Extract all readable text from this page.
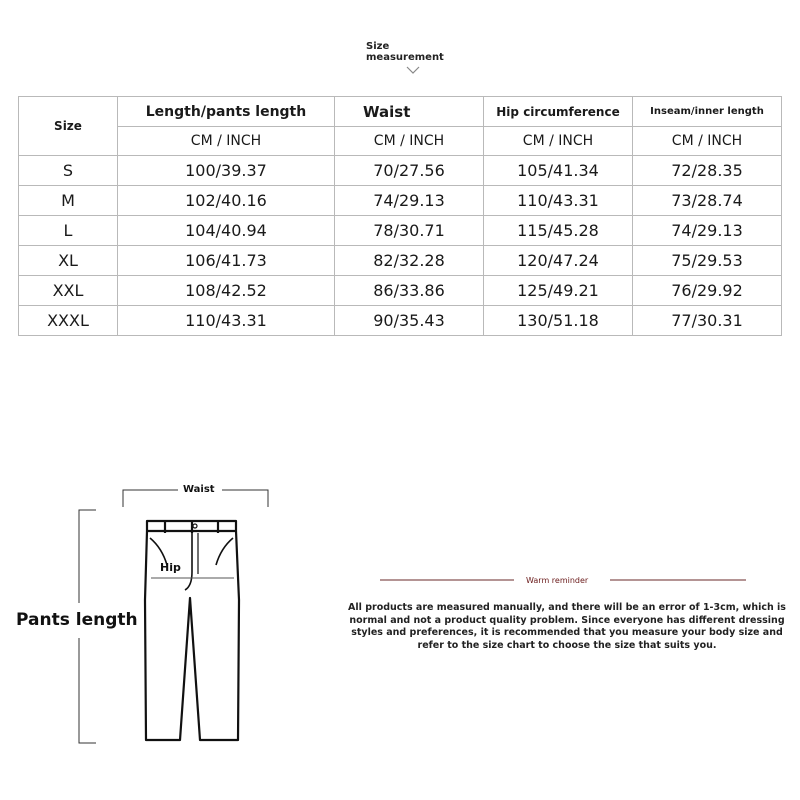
Size
measurement
Size	Length/pants length	Waist	Hip circumference	Inseam/inner length
	CM / INCH	CM / INCH	CM / INCH	CM / INCH
S	100/39.37	70/27.56	105/41.34	72/28.35
M	102/40.16	74/29.13	110/43.31	73/28.74
L	104/40.94	78/30.71	115/45.28	74/29.13
XL	106/41.73	82/32.28	120/47.24	75/29.53
XXL	108/42.52	86/33.86	125/49.21	76/29.92
XXXL	110/43.31	90/35.43	130/51.18	77/30.31
Waist
Hip
Pants length
Warm reminder
All products are measured manually, and there will be an error of 1-3cm, which is normal and not a product quality problem. Since everyone has different dressing styles and preferences, it is recommended that you measure your body size and refer to the size chart to choose the size that suits you.
